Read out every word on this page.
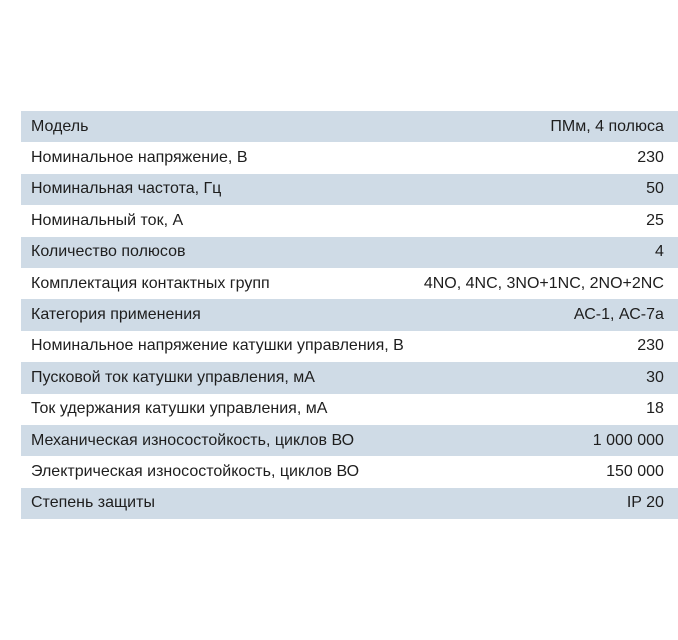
Модель	ПМм, 4 полюса
Номинальное напряжение, В	230
Номинальная частота, Гц	50
Номинальный ток, А	25
Количество полюсов	4
Комплектация контактных групп	4NO, 4NC, 3NO+1NC, 2NO+2NC
Категория применения	АС-1, АС-7а
Номинальное напряжение катушки управления, В	230
Пусковой ток катушки управления, мА	30
Ток удержания катушки управления, мА	18
Механическая износостойкость, циклов ВО	1 000 000
Электрическая износостойкость, циклов ВО	150 000
Степень защиты	IP 20
